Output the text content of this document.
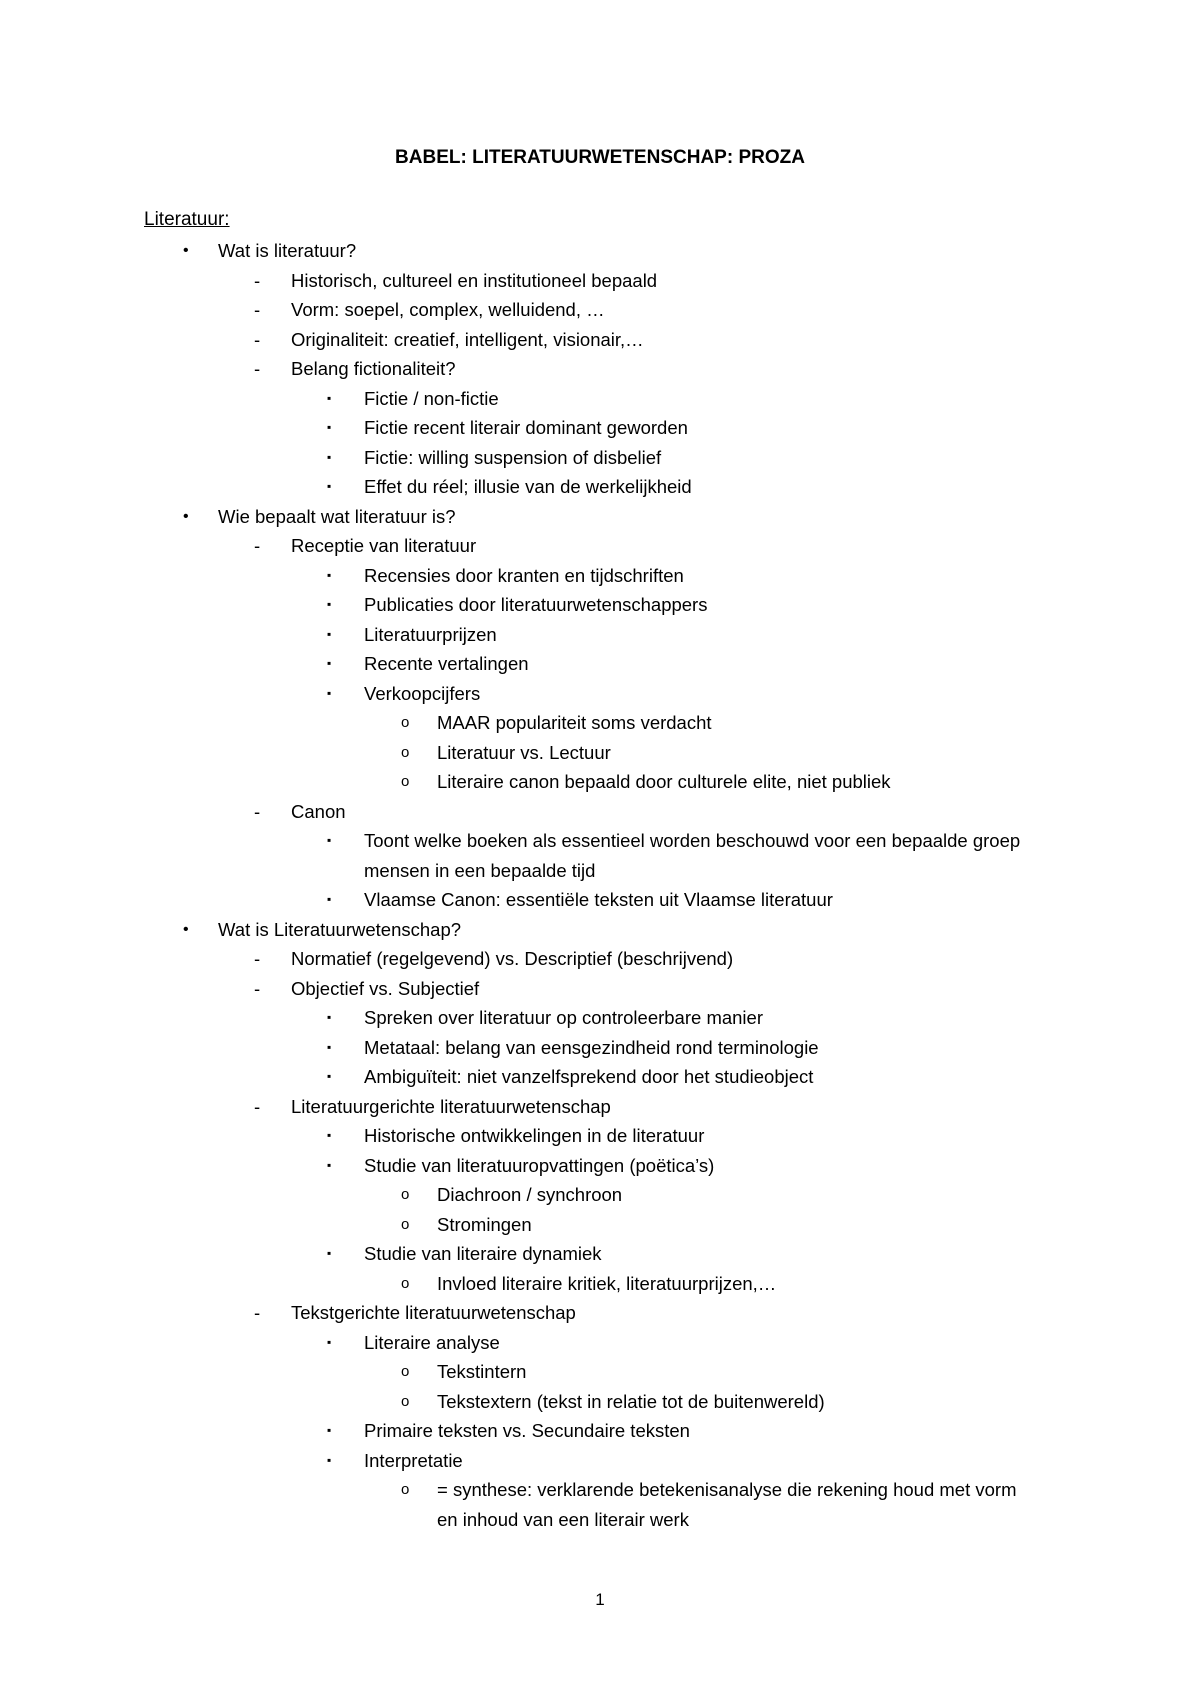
BABEL: LITERATUURWETENSCHAP: PROZA
Literatuur:
• Wat is literatuur?
- Historisch, cultureel en institutioneel bepaald
- Vorm: soepel, complex, welluidend, …
- Originaliteit: creatief, intelligent, visionair,…
- Belang fictionaliteit?
▪ Fictie / non-fictie
▪ Fictie recent literair dominant geworden
▪ Fictie: willing suspension of disbelief
▪ Effet du réel; illusie van de werkelijkheid
• Wie bepaalt wat literatuur is?
- Receptie van literatuur
▪ Recensies door kranten en tijdschriften
▪ Publicaties door literatuurwetenschappers
▪ Literatuurprijzen
▪ Recente vertalingen
▪ Verkoopcijfers
o MAAR populariteit soms verdacht
o Literatuur vs. Lectuur
o Literaire canon bepaald door culturele elite, niet publiek
- Canon
▪ Toont welke boeken als essentieel worden beschouwd voor een bepaalde groep mensen in een bepaalde tijd
▪ Vlaamse Canon: essentiële teksten uit Vlaamse literatuur
• Wat is Literatuurwetenschap?
- Normatief (regelgevend) vs. Descriptief (beschrijvend)
- Objectief vs. Subjectief
▪ Spreken over literatuur op controleerbare manier
▪ Metataal: belang van eensgezindheid rond terminologie
▪ Ambiguïteit: niet vanzelfsprekend door het studieobject
- Literatuurgerichte literatuurwetenschap
▪ Historische ontwikkelingen in de literatuur
▪ Studie van literatuuropvattingen (poëtica’s)
o Diachroon / synchroon
o Stromingen
▪ Studie van literaire dynamiek
o Invloed literaire kritiek, literatuurprijzen,…
- Tekstgerichte literatuurwetenschap
▪ Literaire analyse
o Tekstintern
o Tekstextern (tekst in relatie tot de buitenwereld)
▪ Primaire teksten vs. Secundaire teksten
▪ Interpretatie
o = synthese: verklarende betekenisanalyse die rekening houd met vorm en inhoud van een literair werk
1
